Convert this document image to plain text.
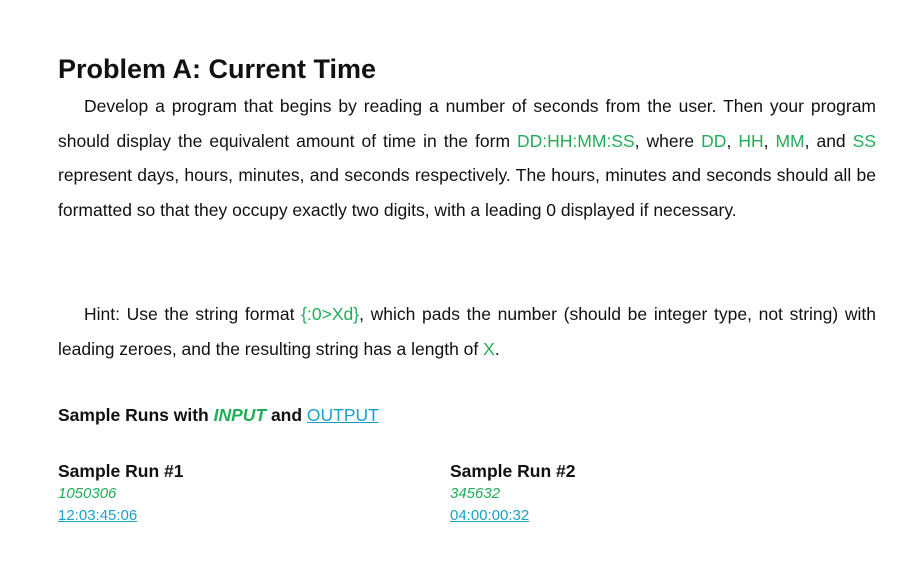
Problem A: Current Time

Develop a program that begins by reading a number of seconds from the user. Then your program should display the equivalent amount of time in the form DD:HH:MM:SS, where DD, HH, MM, and SS represent days, hours, minutes, and seconds respectively. The hours, minutes and seconds should all be formatted so that they occupy exactly two digits, with a leading 0 displayed if necessary.

Hint: Use the string format {:0>Xd}, which pads the number (should be integer type, not string) with leading zeroes, and the resulting string has a length of X.

Sample Runs with INPUT and OUTPUT

Sample Run #1
1050306
12:03:45:06
Sample Run #2
345632
04:00:00:32
